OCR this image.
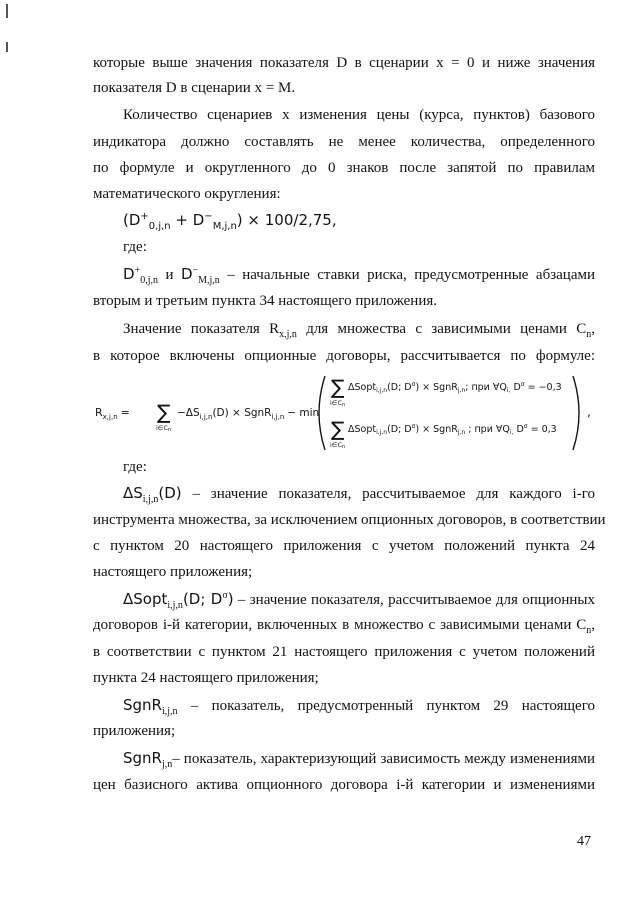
которые выше значения показателя D в сценарии x = 0 и ниже значения
показателя D в сценарии x = M.
Количество сценариев x изменения цены (курса, пунктов) базового
индикатора должно составлять не менее количества, определенного
по формуле и округленного до 0 знаков после запятой по правилам
математического округления:
$(D^+_{0,j,n} + D^-_{M,j,n}) \times 100/2,75$,
где:
$D^+_{0,j,n}$ и $D^-_{M,j,n}$ – начальные ставки риска, предусмотренные абзацами
вторым и третьим пункта 34 настоящего приложения.
Значение показателя $R_{x,j,n}$ для множества с зависимыми ценами $C_n$,
в которое включены опционные договоры, рассчитывается по формуле:
$R_{x,j,n}$ = ∑
i∈Cn
$-\Delta S_{i,j,n}(D)$ × SgnR$_{i,j,n}$ − min
∑
i∈Cn
ΔSopt$_{i,j,n}$(D; $D^\sigma$) × SgnR$_{j,n}$; при $\forall Q_{i,}$ $D^\sigma = -0,3$
∑
i∈Cn
ΔSopt$_{i,j,n}$(D; $D^\sigma$) × SgnR$_{j,n}$ ; при $\forall Q_{i,}$ $D^\sigma = 0,3$
,
где:
$\Delta S_{i,j,n}(D)$ – значение показателя, рассчитываемое для каждого i-го
инструмента множества, за исключением опционных договоров, в соответствии
с пунктом 20 настоящего приложения с учетом положений пункта 24
настоящего приложения;
ΔSopt$_{i,j,n}$(D; $D^\sigma$) – значение показателя, рассчитываемое для опционных
договоров i-й категории, включенных в множество с зависимыми ценами $C_n$,
в соответствии с пунктом 21 настоящего приложения с учетом положений
пункта 24 настоящего приложения;
SgnR$_{i,j,n}$ – показатель, предусмотренный пунктом 29 настоящего
приложения;
SgnR$_{j,n}$– показатель, характеризующий зависимость между изменениями
цен базисного актива опционного договора i-й категории и изменениями
47
